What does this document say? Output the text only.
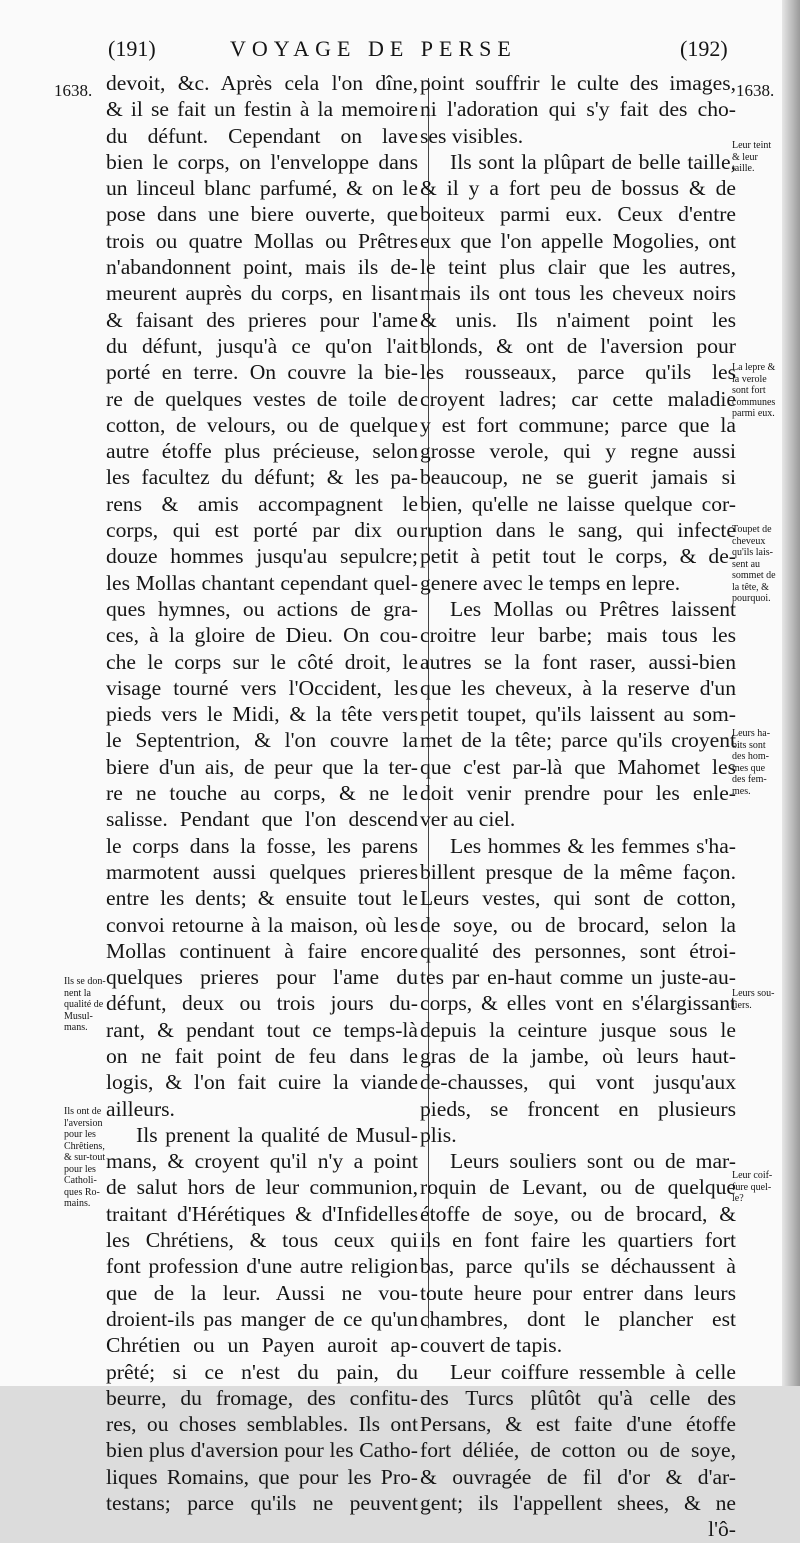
(191)	VOYAGE DE PERSE	(192)
1638.	1638.
devoit, &c. Après cela l'on dîne,
& il se fait un festin à la memoire
du défunt. Cependant on lave
bien le corps, on l'enveloppe dans
un linceul blanc parfumé, & on le
pose dans une biere ouverte, que
trois ou quatre Mollas ou Prêtres
n'abandonnent point, mais ils de-
meurent auprès du corps, en lisant
& faisant des prieres pour l'ame
du défunt, jusqu'à ce qu'on l'ait
porté en terre. On couvre la bie-
re de quelques vestes de toile de
cotton, de velours, ou de quelque
autre étoffe plus précieuse, selon
les facultez du défunt; & les pa-
rens & amis accompagnent le
corps, qui est porté par dix ou
douze hommes jusqu'au sepulcre;
les Mollas chantant cependant quel-
ques hymnes, ou actions de gra-
ces, à la gloire de Dieu. On cou-
che le corps sur le côté droit, le
visage tourné vers l'Occident, les
pieds vers le Midi, & la tête vers
le Septentrion, & l'on couvre la
biere d'un ais, de peur que la ter-
re ne touche au corps, & ne le
salisse. Pendant que l'on descend
le corps dans la fosse, les parens
marmotent aussi quelques prieres
entre les dents; & ensuite tout le
convoi retourne à la maison, où les
Mollas continuent à faire encore
quelques prieres pour l'ame du
défunt, deux ou trois jours du-
rant, & pendant tout ce temps-là
on ne fait point de feu dans le
logis, & l'on fait cuire la viande
ailleurs.
Ils prenent la qualité de Musul-
mans, & croyent qu'il n'y a point
de salut hors de leur communion,
traitant d'Hérétiques & d'Infidelles
les Chrétiens, & tous ceux qui
font profession d'une autre religion
que de la leur. Aussi ne vou-
droient-ils pas manger de ce qu'un
Chrétien ou un Payen auroit ap-
prêté; si ce n'est du pain, du
beurre, du fromage, des confitu-
res, ou choses semblables. Ils ont
bien plus d'aversion pour les Catho-
liques Romains, que pour les Pro-
testans; parce qu'ils ne peuvent
point souffrir le culte des images,
ni l'adoration qui s'y fait des cho-
ses visibles.
Ils sont la plûpart de belle taille,
& il y a fort peu de bossus & de
boiteux parmi eux. Ceux d'entre
eux que l'on appelle Mogolies, ont
le teint plus clair que les autres,
mais ils ont tous les cheveux noirs
& unis. Ils n'aiment point les
blonds, & ont de l'aversion pour
les rousseaux, parce qu'ils les
croyent ladres; car cette maladie
y est fort commune; parce que la
grosse verole, qui y regne aussi
beaucoup, ne se guerit jamais si
bien, qu'elle ne laisse quelque cor-
ruption dans le sang, qui infecte
petit à petit tout le corps, & de-
genere avec le temps en lepre.
Les Mollas ou Prêtres laissent
croitre leur barbe; mais tous les
autres se la font raser, aussi-bien
que les cheveux, à la reserve d'un
petit toupet, qu'ils laissent au som-
met de la tête; parce qu'ils croyent
que c'est par-là que Mahomet les
doit venir prendre pour les enle-
ver au ciel.
Les hommes & les femmes s'ha-
billent presque de la même façon.
Leurs vestes, qui sont de cotton,
de soye, ou de brocard, selon la
qualité des personnes, sont étroi-
tes par en-haut comme un juste-au-
corps, & elles vont en s'élargissant
depuis la ceinture jusque sous le
gras de la jambe, où leurs haut-
de-chausses, qui vont jusqu'aux
pieds, se froncent en plusieurs
plis.
Leurs souliers sont ou de mar-
roquin de Levant, ou de quelque
étoffe de soye, ou de brocard, &
ils en font faire les quartiers fort
bas, parce qu'ils se déchaussent à
toute heure pour entrer dans leurs
chambres, dont le plancher est
couvert de tapis.
Leur coiffure ressemble à celle
des Turcs plûtôt qu'à celle des
Persans, & est faite d'une étoffe
fort déliée, de cotton ou de soye,
& ouvragée de fil d'or & d'ar-
gent; ils l'appellent shees, & ne
l'ô-
Ils se don-
nent la
qualité de
Musul-
mans.
Ils ont de
l'aversion
pour les
Chrêtiens,
& sur-tout
pour les
Catholi-
ques Ro-
mains.
Leur teint
& leur
taille.
La lepre &
la verole
sont fort
communes
parmi eux.
Toupet de
cheveux
qu'ils lais-
sent au
sommet de
la tête, &
pourquoi.
Leurs ha-
bits sont
des hom-
mes que
des fem-
mes.
Leurs sou-
liers.
Leur coif-
fure quel-
le?
